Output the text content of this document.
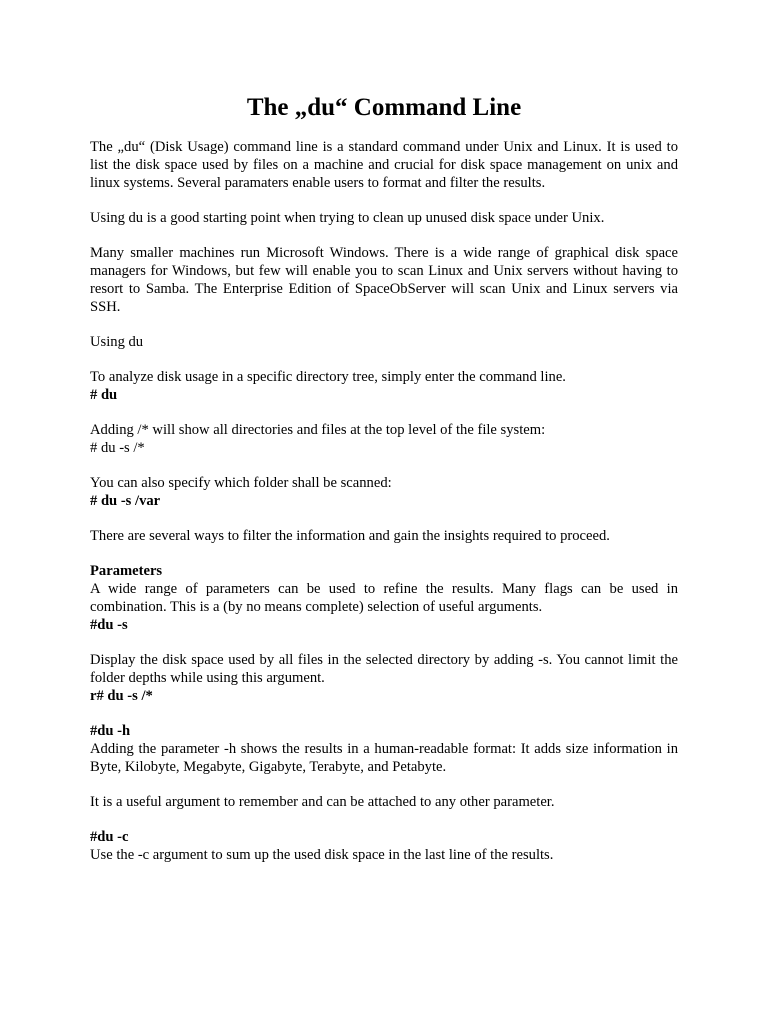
The „du“ Command Line

The „du“ (Disk Usage) command line is a standard command under Unix and Linux. It is used to list the disk space used by files on a machine and crucial for disk space management on unix and linux systems. Several paramaters enable users to format and filter the results.

Using du is a good starting point when trying to clean up unused disk space under Unix.

Many smaller machines run Microsoft Windows. There is a wide range of graphical disk space managers for Windows, but few will enable you to scan Linux and Unix servers without having to resort to Samba. The Enterprise Edition of SpaceObServer will scan Unix and Linux servers via SSH.

Using du

To analyze disk usage in a specific directory tree, simply enter the command line.
# du
Adding /* will show all directories and files at the top level of the file system:
# du -s /*
You can also specify which folder shall be scanned:
# du -s /var

There are several ways to filter the information and gain the insights required to proceed.

Parameters

A wide range of parameters can be used to refine the results. Many flags can be used in combination. This is a (by no means complete) selection of useful arguments.

#du -s

Display the disk space used by all files in the selected directory by adding -s. You cannot limit the folder depths while using this argument.

r# du -s /*
#du -h

Adding the parameter -h shows the results in a human-readable format: It adds size information in Byte, Kilobyte, Megabyte, Gigabyte, Terabyte, and Petabyte.

It is a useful argument to remember and can be attached to any other parameter.

#du -c
Use the -c argument to sum up the used disk space in the last line of the results.
